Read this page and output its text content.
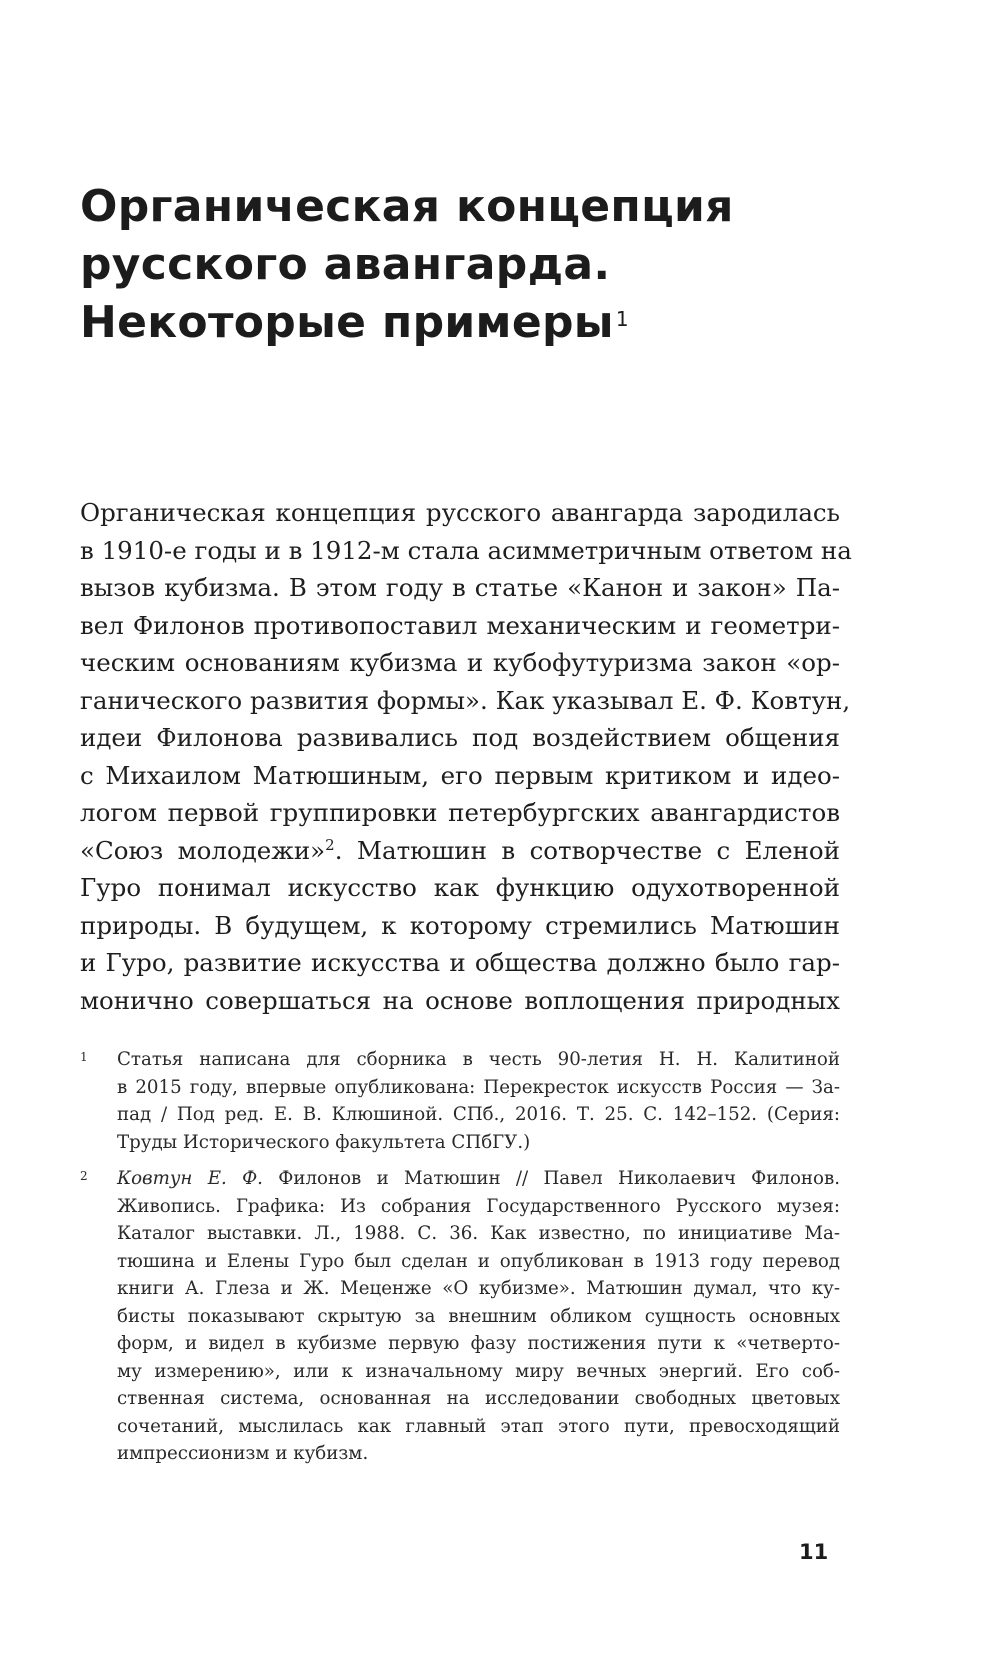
Органическая концепция
русского авангарда.
Некоторые примеры $^1$
Органическая концепция русского авангарда зародилась
в 1910-е годы и в 1912-м стала асимметричным ответом на
вызов кубизма. В этом году в статье «Канон и закон» Па-
вел Филонов противопоставил механическим и геометри-
ческим основаниям кубизма и кубофутуризма закон «ор-
ганического развития формы». Как указывал Е. Ф. Ковтун,
идеи Филонова развивались под воздействием общения
с Михаилом Матюшиным, его первым критиком и идео-
логом первой группировки петербургских авангардистов
«Союз молодежи»$^2$. Матюшин в сотворчестве с Еленой
Гуро понимал искусство как функцию одухотворенной
природы. В будущем, к которому стремились Матюшин
и Гуро, развитие искусства и общества должно было гар-
монично совершаться на основе воплощения природных
1 Статья написана для сборника в честь 90-летия Н. Н. Калитиной
в 2015 году, впервые опубликована: Перекресток искусств Россия — За-
пад / Под ред. Е. В. Клюшиной. СПб., 2016. Т. 25. С. 142–152. (Серия:
Труды Исторического факультета СПбГУ.)
2 Ковтун Е. Ф. Филонов и Матюшин // Павел Николаевич Филонов.
Живопись. Графика: Из собрания Государственного Русского музея:
Каталог выставки. Л., 1988. С. 36. Как известно, по инициативе Ма-
тюшина и Елены Гуро был сделан и опубликован в 1913 году перевод
книги А. Глеза и Ж. Меценже «О кубизме». Матюшин думал, что ку-
бисты показывают скрытую за внешним обликом сущность основных
форм, и видел в кубизме первую фазу постижения пути к «четверто-
му измерению», или к изначальному миру вечных энергий. Его соб-
ственная система, основанная на исследовании свободных цветовых
сочетаний, мыслилась как главный этап этого пути, превосходящий
импрессионизм и кубизм.
11
